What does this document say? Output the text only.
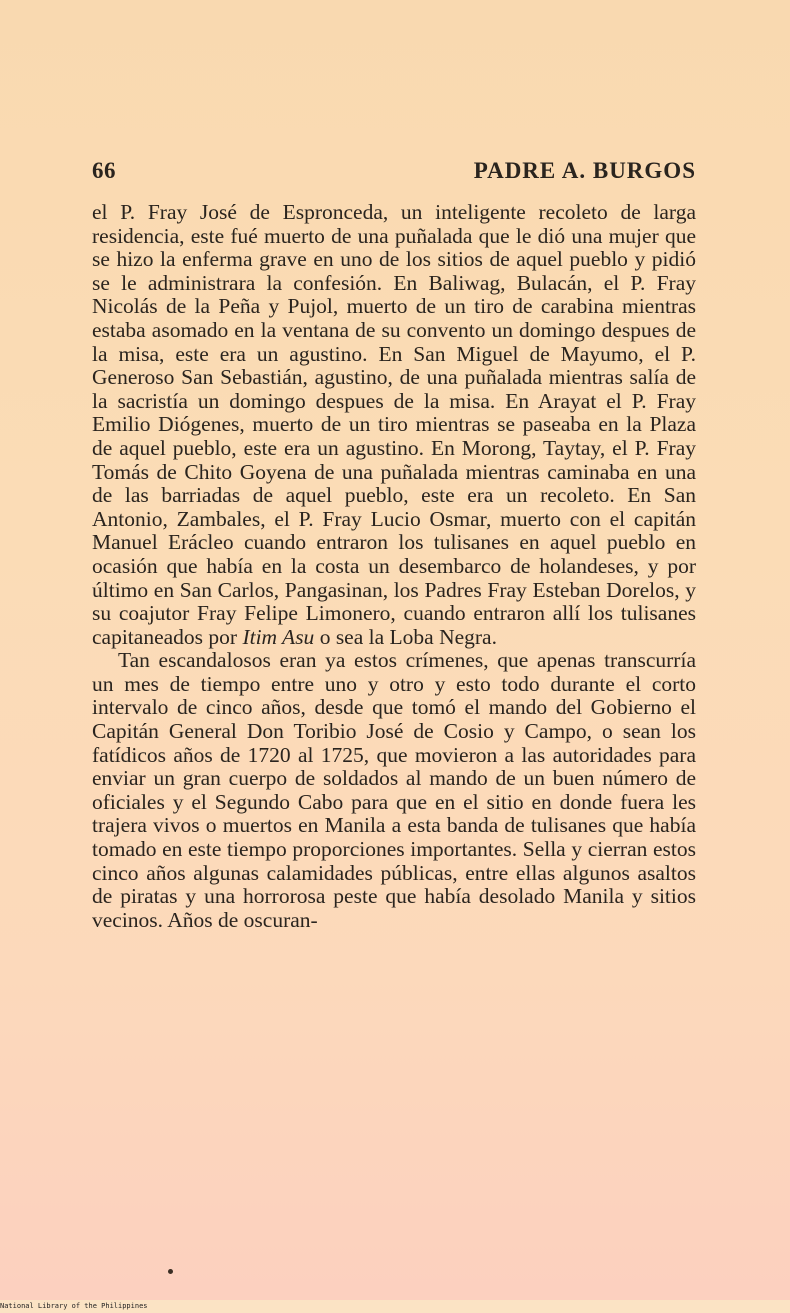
66	PADRE A. BURGOS

el P. Fray José de Espronceda, un inteligente recoleto de larga residencia, este fué muerto de una puñalada que le dió una mujer que se hizo la enferma grave en uno de los sitios de aquel pueblo y pidió se le administrara la confesión. En Baliwag, Bulacán, el P. Fray Nicolás de la Peña y Pujol, muerto de un tiro de carabina mientras estaba asomado en la ventana de su convento un domingo despues de la misa, este era un agustino. En San Miguel de Mayumo, el P. Generoso San Sebastián, agustino, de una puñalada mientras salía de la sacristía un domingo despues de la misa. En Arayat el P. Fray Emilio Diógenes, muerto de un tiro mientras se paseaba en la Plaza de aquel pueblo, este era un agustino. En Morong, Taytay, el P. Fray Tomás de Chito Goyena de una puñalada mientras caminaba en una de las barriadas de aquel pueblo, este era un recoleto. En San Antonio, Zambales, el P. Fray Lucio Osmar, muerto con el capitán Manuel Erácleo cuando entraron los tulisanes en aquel pueblo en ocasión que había en la costa un desembarco de holandeses, y por último en San Carlos, Pangasinan, los Padres Fray Esteban Dorelos, y su coajutor Fray Felipe Limonero, cuando entraron allí los tulisanes capitaneados por Itim Asu o sea la Loba Negra.

Tan escandalosos eran ya estos crímenes, que apenas transcurría un mes de tiempo entre uno y otro y esto todo durante el corto intervalo de cinco años, desde que tomó el mando del Gobierno el Capitán General Don Toribio José de Cosio y Campo, o sean los fatídicos años de 1720 al 1725, que movieron a las autoridades para enviar un gran cuerpo de soldados al mando de un buen número de oficiales y el Segundo Cabo para que en el sitio en donde fuera les trajera vivos o muertos en Manila a esta banda de tulisanes que había tomado en este tiempo proporciones importantes. Sella y cierran estos cinco años algunas calamidades públicas, entre ellas algunos asaltos de piratas y una horrorosa peste que había desolado Manila y sitios vecinos. Años de oscuran-

National Library of the Philippines
